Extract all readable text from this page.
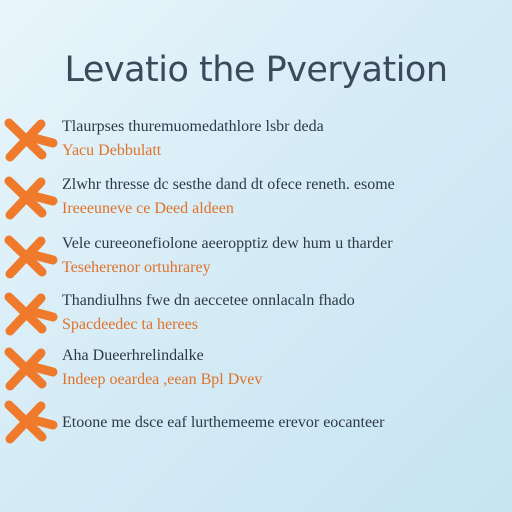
Levatio the Pveryation
Tlaurpses thuremuomedathlore lsbr deda
Yacu Debbulatt
Zlwhr thresse dc sesthe dand dt ofece reneth. esome
Ireeeuneve ce Deed aldeen
Vele cureeonefiolone aeeropptiz dew hum u tharder
Teseherenor ortuhrarey
Thandiulhns fwe dn aeccetee onnlacaln fhado
Spacdeedec ta herees
Aha Dueerhrelindalke
Indeep oeardea ,eean Bpl Dvev
Etoone me dsce eaf lurthemeeme erevor eocanteer
